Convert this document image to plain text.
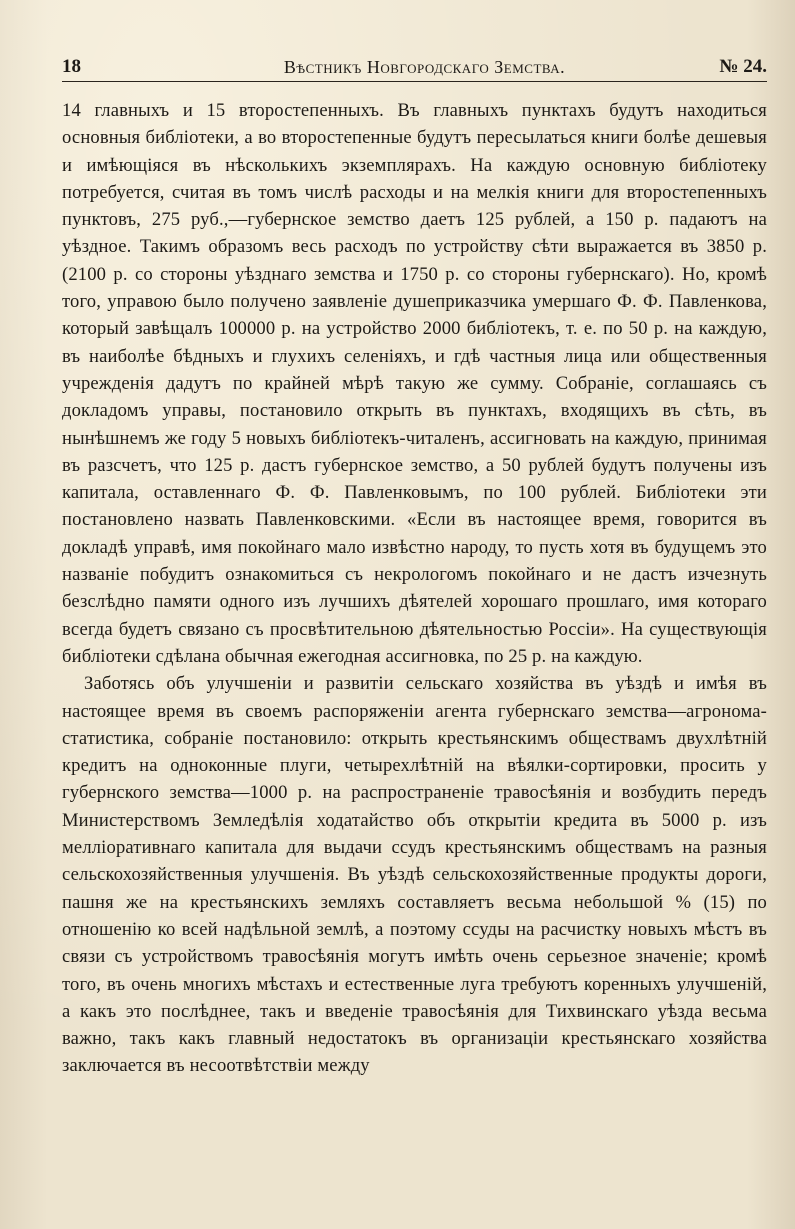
18	Вѣстникъ Новгородскаго Земства.	№ 24.

14 главныхъ и 15 второстепенныхъ. Въ главныхъ пунктахъ будутъ находиться основныя библіотеки, а во второстепенные будутъ пересылаться книги болѣе дешевыя и имѣющіяся въ нѣсколькихъ экземплярахъ. На каждую основную библіотеку потребуется, считая въ томъ числѣ расходы и на мелкія книги для второстепенныхъ пунктовъ, 275 руб.,—губернское земство даетъ 125 рублей, а 150 р. падаютъ на уѣздное. Такимъ образомъ весь расходъ по устройству сѣти выражается въ 3850 р. (2100 р. со стороны уѣзднаго земства и 1750 р. со стороны губернскаго). Но, кромѣ того, управою было получено заявленіе душеприказчика умершаго Ф. Ф. Павленкова, который завѣщалъ 100000 р. на устройство 2000 библіотекъ, т. е. по 50 р. на каждую, въ наиболѣе бѣдныхъ и глухихъ селеніяхъ, и гдѣ частныя лица или общественныя учрежденія дадутъ по крайней мѣрѣ такую же сумму. Собраніе, соглашаясь съ докладомъ управы, постановило открыть въ пунктахъ, входящихъ въ сѣть, въ нынѣшнемъ же году 5 новыхъ библіотекъ-читаленъ, ассигновать на каждую, принимая въ разсчетъ, что 125 р. дастъ губернское земство, а 50 рублей будутъ получены изъ капитала, оставленнаго Ф. Ф. Павленковымъ, по 100 рублей. Библіотеки эти постановлено назвать Павленковскими. «Если въ настоящее время, говорится въ докладѣ управѣ, имя покойнаго мало извѣстно народу, то пусть хотя въ будущемъ это названіе побудитъ ознакомиться съ некрологомъ покойнаго и не дастъ изчезнуть безслѣдно памяти одного изъ лучшихъ дѣятелей хорошаго прошлаго, имя котораго всегда будетъ связано съ просвѣтительною дѣятельностью Россіи». На существующія библіотеки сдѣлана обычная ежегодная ассигновка, по 25 р. на каждую.

Заботясь объ улучшеніи и развитіи сельскаго хозяйства въ уѣздѣ и имѣя въ настоящее время въ своемъ распоряженіи агента губернскаго земства—агронома-статистика, собраніе постановило: открыть крестьянскимъ обществамъ двухлѣтній кредитъ на одноконные плуги, четырехлѣтній на вѣялки-сортировки, просить у губернского земства—1000 р. на распространеніе травосѣянія и возбудить передъ Министерствомъ Земледѣлія ходатайство объ открытіи кредита въ 5000 р. изъ мелліоративнаго капитала для выдачи ссудъ крестьянскимъ обществамъ на разныя сельскохозяйственныя улучшенія. Въ уѣздѣ сельскохозяйственные продукты дороги, пашня же на крестьянскихъ земляхъ составляетъ весьма небольшой % (15) по отношенію ко всей надѣльной землѣ, а поэтому ссуды на расчистку новыхъ мѣстъ въ связи съ устройствомъ травосѣянія могутъ имѣть очень серьезное значеніе; кромѣ того, въ очень многихъ мѣстахъ и естественные луга требуютъ коренныхъ улучшеній, а какъ это послѣднее, такъ и введеніе травосѣянія для Тихвинскаго уѣзда весьма важно, такъ какъ главный недостатокъ въ организаціи крестьянскаго хозяйства заключается въ несоотвѣтствіи между
